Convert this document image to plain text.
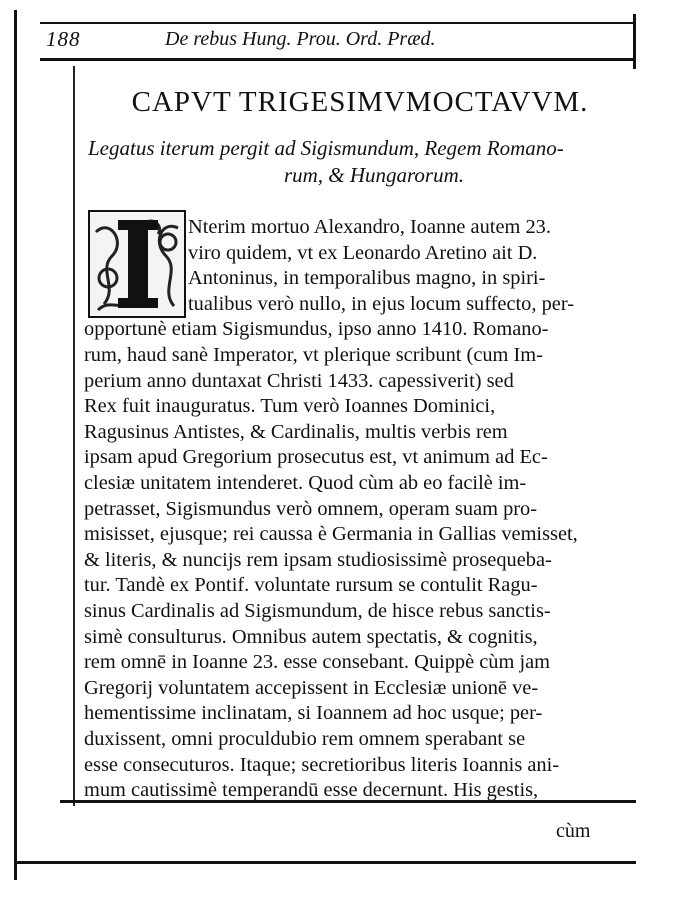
188	De rebus Hung. Prou. Ord. Præd.
CAPVT TRIGESIMVMOCTAVVM.
Legatus iterum pergit ad Sigismundum, Regem Romano-
rum, & Hungarorum.
Nterim mortuo Alexandro, Ioanne autem 23.
viro quidem, vt ex Leonardo Aretino ait D.
Antoninus, in temporalibus magno, in spiri-
tualibus verò nullo, in ejus locum suffecto, per-
opportunè etiam Sigismundus, ipso anno 1410. Romano-
rum, haud sanè Imperator, vt plerique scribunt (cum Im-
perium anno duntaxat Christi 1433. capessiverit) sed
Rex fuit inauguratus. Tum verò Ioannes Dominici,
Ragusinus Antistes, & Cardinalis, multis verbis rem
ipsam apud Gregorium prosecutus est, vt animum ad Ec-
clesiæ unitatem intenderet. Quod cùm ab eo facilè im-
petrasset, Sigismundus verò omnem, operam suam pro-
misisset, ejusque; rei caussa è Germania in Gallias vemisset,
& literis, & nuncijs rem ipsam studiosissimè prosequeba-
tur. Tandè ex Pontif. voluntate rursum se contulit Ragu-
sinus Cardinalis ad Sigismundum, de hisce rebus sanctis-
simè consulturus. Omnibus autem spectatis, & cognitis,
rem omnē in Ioanne 23. esse consebant. Quippè cùm jam
Gregorij voluntatem accepissent in Ecclesiæ unionē ve-
hementissime inclinatam, si Ioannem ad hoc usque; per-
duxissent, omni proculdubio rem omnem sperabant se
esse consecuturos. Itaque; secretioribus literis Ioannis ani-
mum cautissimè temperandū esse decernunt. His gestis,
cùm
